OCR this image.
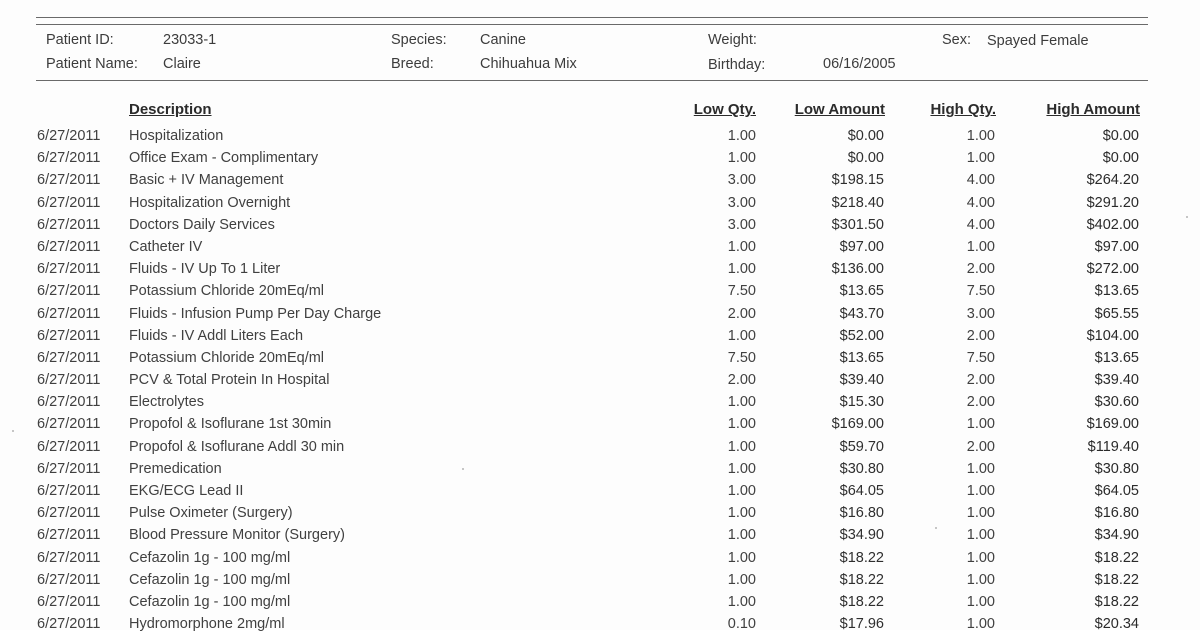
Patient ID:	23033-1
Patient Name: Claire
Species: Canine
Breed:	Chihuahua Mix
Weight:
Birthday:	06/16/2005
Sex: Spayed Female
Description	Low Qty.	Low Amount	High Qty.	High Amount
6/27/2011 Hospitalization	1.00	$0.00	1.00	$0.00
6/27/2011 Office Exam - Complimentary	1.00	$0.00	1.00	$0.00
6/27/2011 Basic + IV Management	3.00	$198.15	4.00	$264.20
6/27/2011 Hospitalization Overnight	3.00	$218.40	4.00	$291.20
6/27/2011 Doctors Daily Services	3.00	$301.50	4.00	$402.00
6/27/2011 Catheter IV	1.00	$97.00	1.00	$97.00
6/27/2011 Fluids - IV Up To 1 Liter	1.00	$136.00	2.00	$272.00
6/27/2011 Potassium Chloride 20mEq/ml	7.50	$13.65	7.50	$13.65
6/27/2011 Fluids - Infusion Pump Per Day Charge	2.00	$43.70	3.00	$65.55
6/27/2011 Fluids - IV Addl Liters Each	1.00	$52.00	2.00	$104.00
6/27/2011 Potassium Chloride 20mEq/ml	7.50	$13.65	7.50	$13.65
6/27/2011 PCV & Total Protein In Hospital	2.00	$39.40	2.00	$39.40
6/27/2011 Electrolytes	1.00	$15.30	2.00	$30.60
6/27/2011 Propofol & Isoflurane 1st 30min	1.00	$169.00	1.00	$169.00
6/27/2011 Propofol & Isoflurane Addl 30 min	1.00	$59.70	2.00	$119.40
6/27/2011 Premedication	1.00	$30.80	1.00	$30.80
6/27/2011 EKG/ECG Lead II	1.00	$64.05	1.00	$64.05
6/27/2011 Pulse Oximeter (Surgery)	1.00	$16.80	1.00	$16.80
6/27/2011 Blood Pressure Monitor (Surgery)	1.00	$34.90	1.00	$34.90
6/27/2011 Cefazolin 1g - 100 mg/ml	1.00	$18.22	1.00	$18.22
6/27/2011 Cefazolin 1g - 100 mg/ml	1.00	$18.22	1.00	$18.22
6/27/2011 Cefazolin 1g - 100 mg/ml	1.00	$18.22	1.00	$18.22
6/27/2011 Hydromorphone 2mg/ml	0.10	$17.96	1.00	$20.34
